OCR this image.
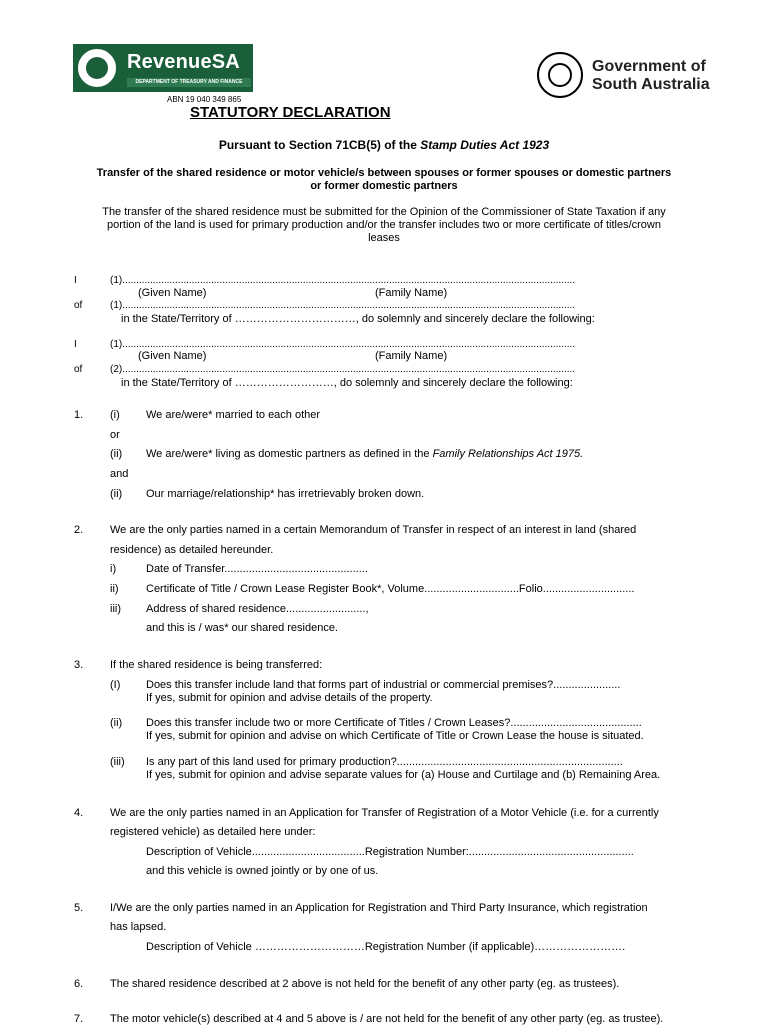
RevenueSA
DEPARTMENT OF TREASURY AND FINANCE
ABN 19 040 349 865
Government of
South Australia
STATUTORY DECLARATION
Pursuant to Section 71CB(5) of the Stamp Duties Act 1923
Transfer of the shared residence or motor vehicle/s between spouses or former spouses or domestic partners
or former domestic partners
The transfer of the shared residence must be submitted for the Opinion of the Commissioner of State Taxation if any
portion of the land is used for primary production and/or the transfer includes two or more certificate of titles/crown
leases
I	(1)...................................................................................................................................................................
(Given Name)	(Family Name)
of	(1)...................................................................................................................................................................
in the State/Territory of ……………………………, do solemnly and sincerely declare the following:
I	(1)...................................................................................................................................................................
(Given Name)	(Family Name)
of	(2)...................................................................................................................................................................
in the State/Territory of ………………………, do solemnly and sincerely declare the following:
1. (i) We are/were* married to each other
or
(ii) We are/were* living as domestic partners as defined in the Family Relationships Act 1975.
and
(ii) Our marriage/relationship* has irretrievably broken down.
2. We are the only parties named in a certain Memorandum of Transfer in respect of an interest in land (shared
residence) as detailed hereunder.
i)	Date of Transfer...............................................
ii) Certificate of Title / Crown Lease Register Book*, Volume...............................Folio..............................
iii) Address of shared residence..........................,
and this is / was* our shared residence.
3. If the shared residence is being transferred:
(I) Does this transfer include land that forms part of industrial or commercial premises?......................
If yes, submit for opinion and advise details of the property.
(ii) Does this transfer include two or more Certificate of Titles / Crown Leases?...........................................
If yes, submit for opinion and advise on which Certificate of Title or Crown Lease the house is situated.
(iii) Is any part of this land used for primary production?..........................................................................
If yes, submit for opinion and advise separate values for (a) House and Curtilage and (b) Remaining Area.
4. We are the only parties named in an Application for Transfer of Registration of a Motor Vehicle (i.e. for a currently
registered vehicle) as detailed here under:
Description of Vehicle.....................................Registration Number:......................................................
and this vehicle is owned jointly or by one of us.
5. I/We are the only parties named in an Application for Registration and Third Party Insurance, which registration
has lapsed.
Description of Vehicle …………………………Registration Number (if applicable)…………………….
6. The shared residence described at 2 above is not held for the benefit of any other party (eg. as trustees).
7. The motor vehicle(s) described at 4 and 5 above is / are not held for the benefit of any other party (eg. as trustee).
